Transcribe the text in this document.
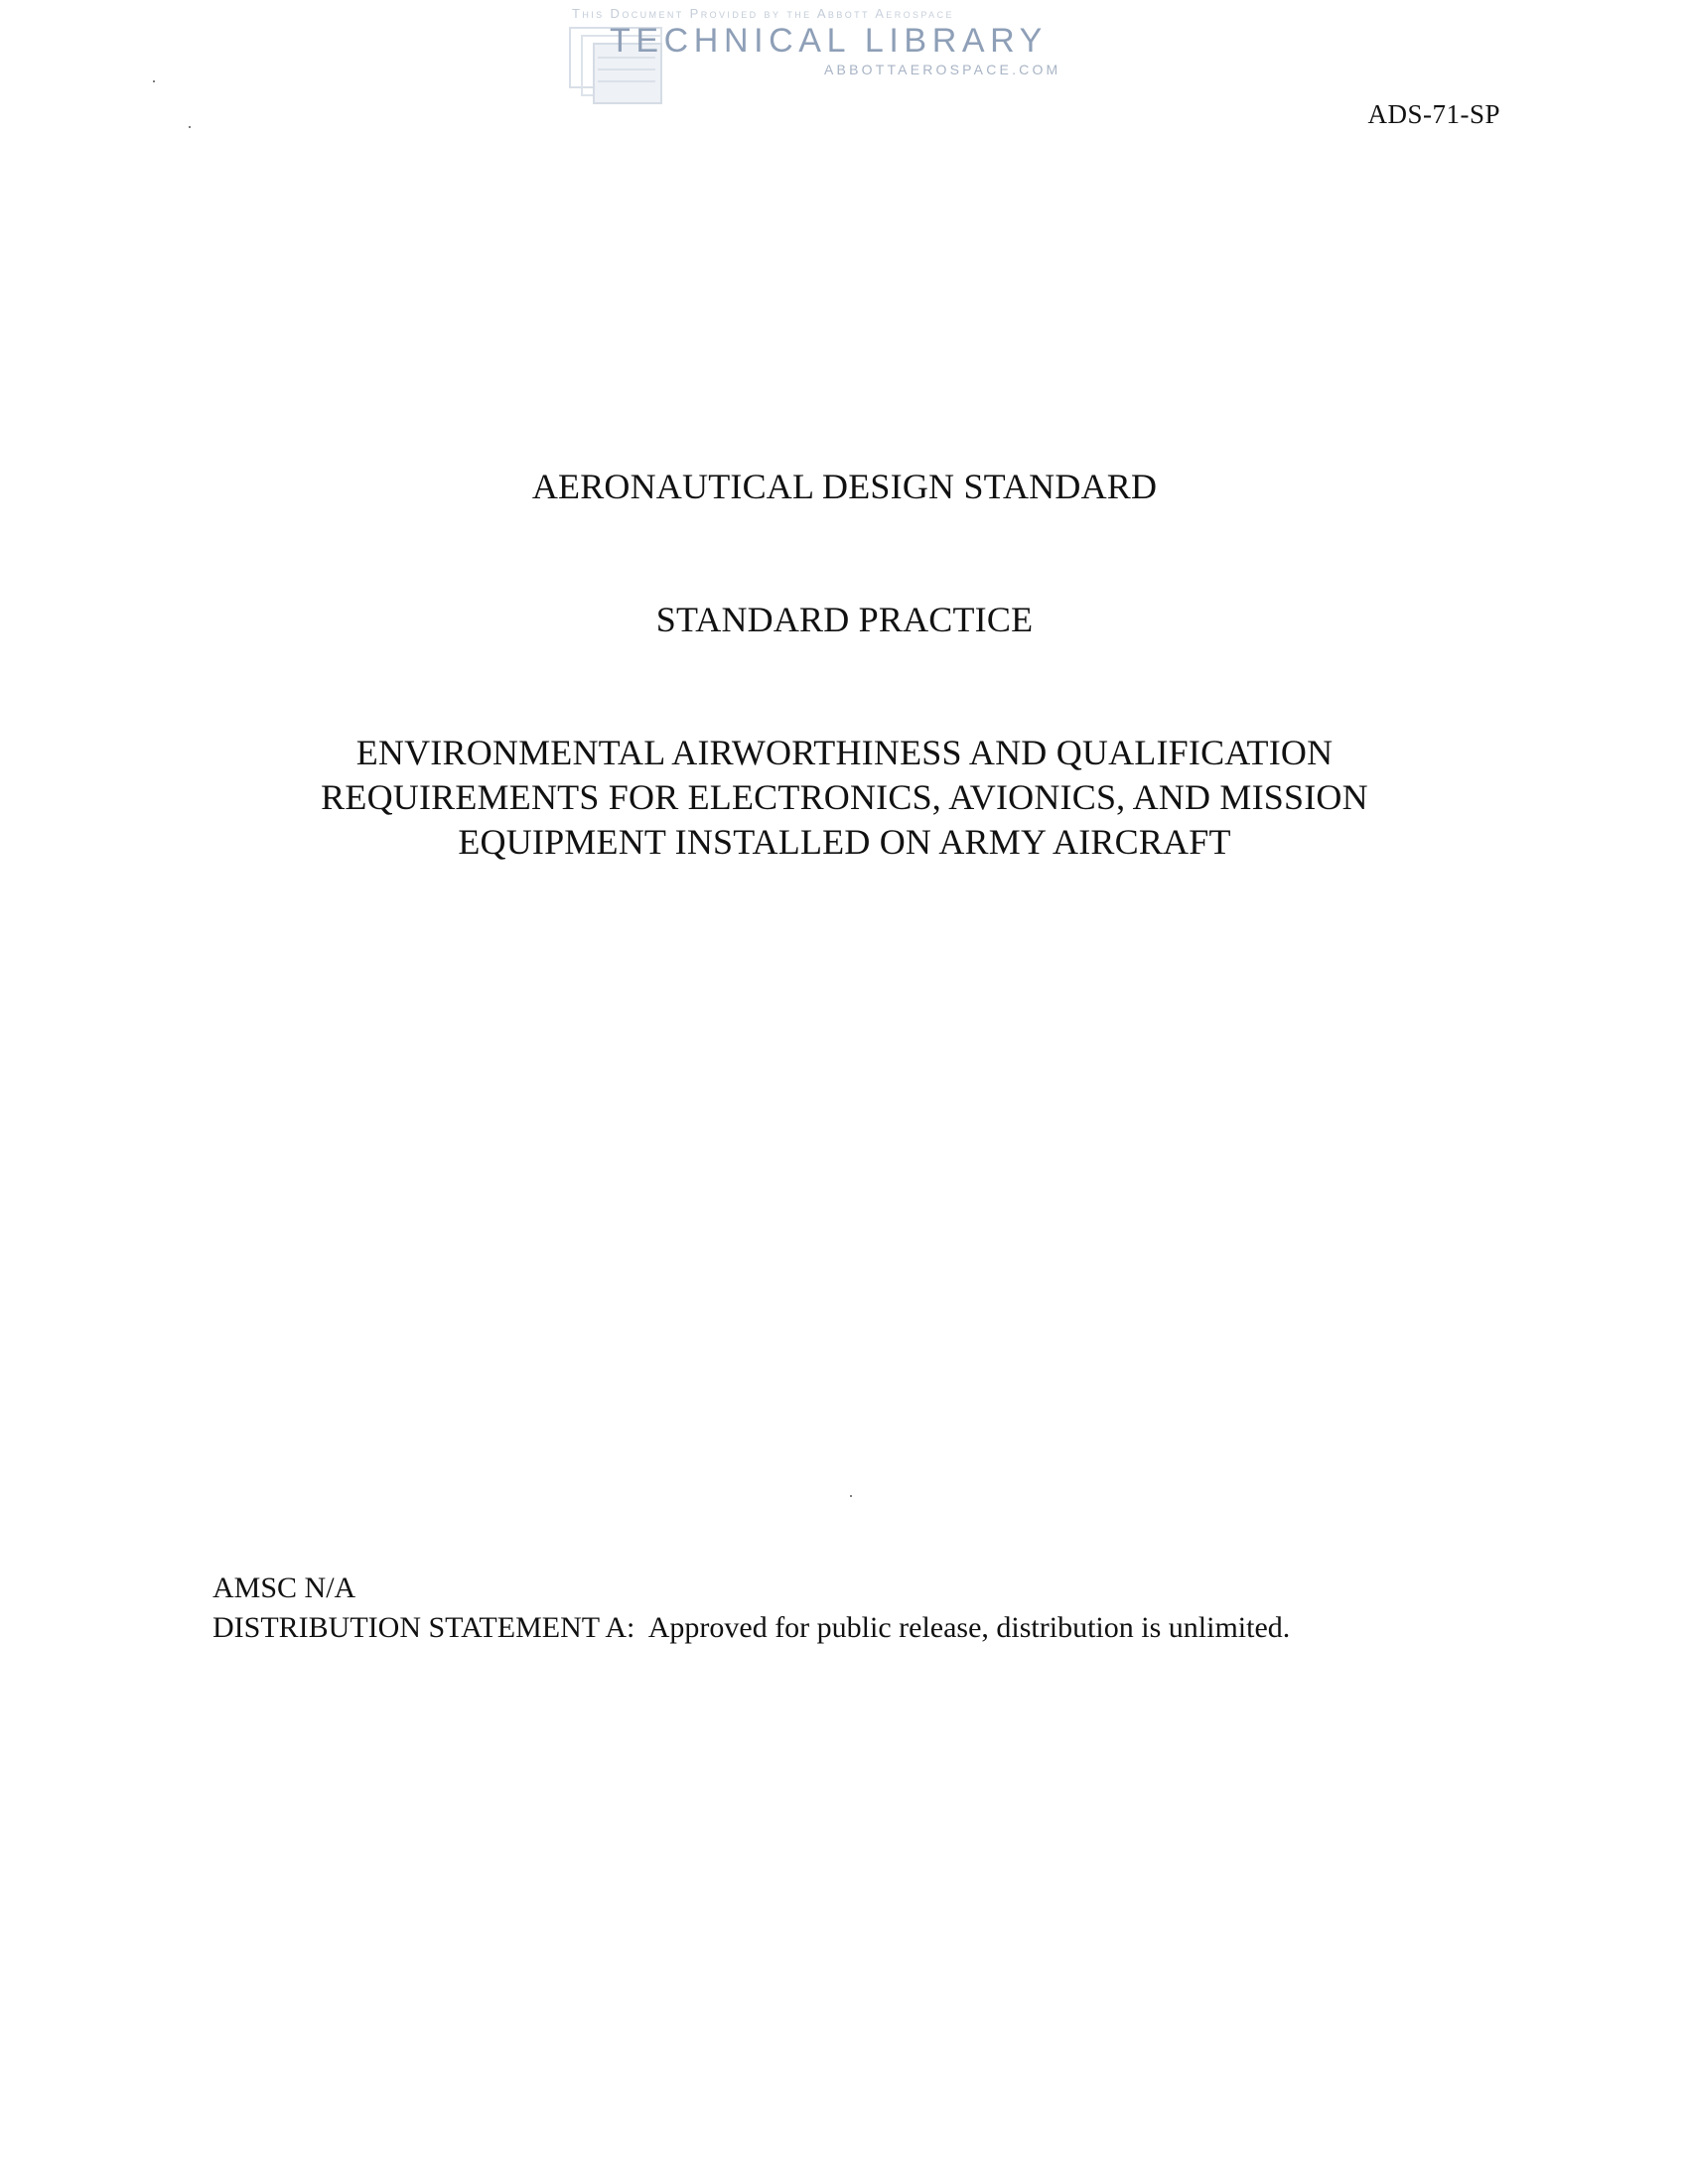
This Document Provided by the Abbott Aerospace
TECHNICAL LIBRARY
ABBOTTAEROSPACE.COM
ADS-71-SP
AERONAUTICAL DESIGN STANDARD
STANDARD PRACTICE
ENVIRONMENTAL AIRWORTHINESS AND QUALIFICATION
REQUIREMENTS FOR ELECTRONICS, AVIONICS, AND MISSION
EQUIPMENT INSTALLED ON ARMY AIRCRAFT
AMSC N/A
DISTRIBUTION STATEMENT A:  Approved for public release, distribution is unlimited.
